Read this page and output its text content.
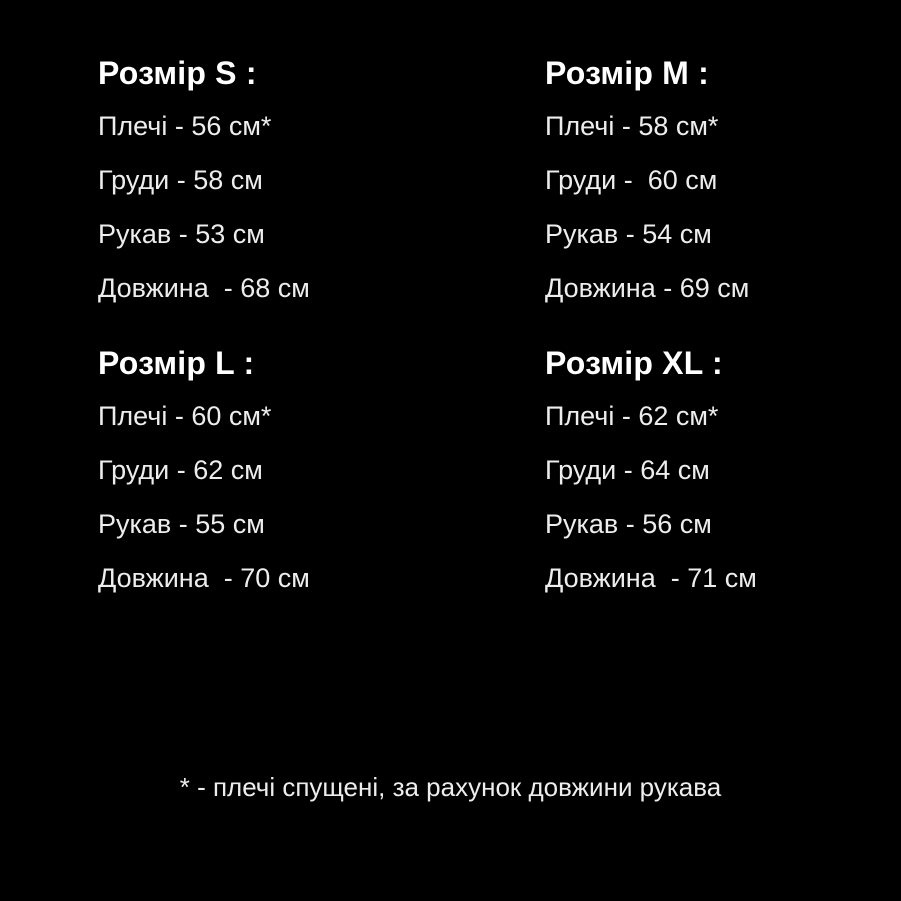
Розмір S :
Плечі - 56 см*
Груди - 58 см
Рукав - 53 см
Довжина  - 68 см
Розмір M :
Плечі - 58 см*
Груди -  60 см
Рукав - 54 см
Довжина - 69 см
Розмір L :
Плечі - 60 см*
Груди - 62 см
Рукав - 55 см
Довжина  - 70 см
Розмір XL :
Плечі - 62 см*
Груди - 64 см
Рукав - 56 см
Довжина  - 71 см
* - плечі спущені, за рахунок довжини рукава
